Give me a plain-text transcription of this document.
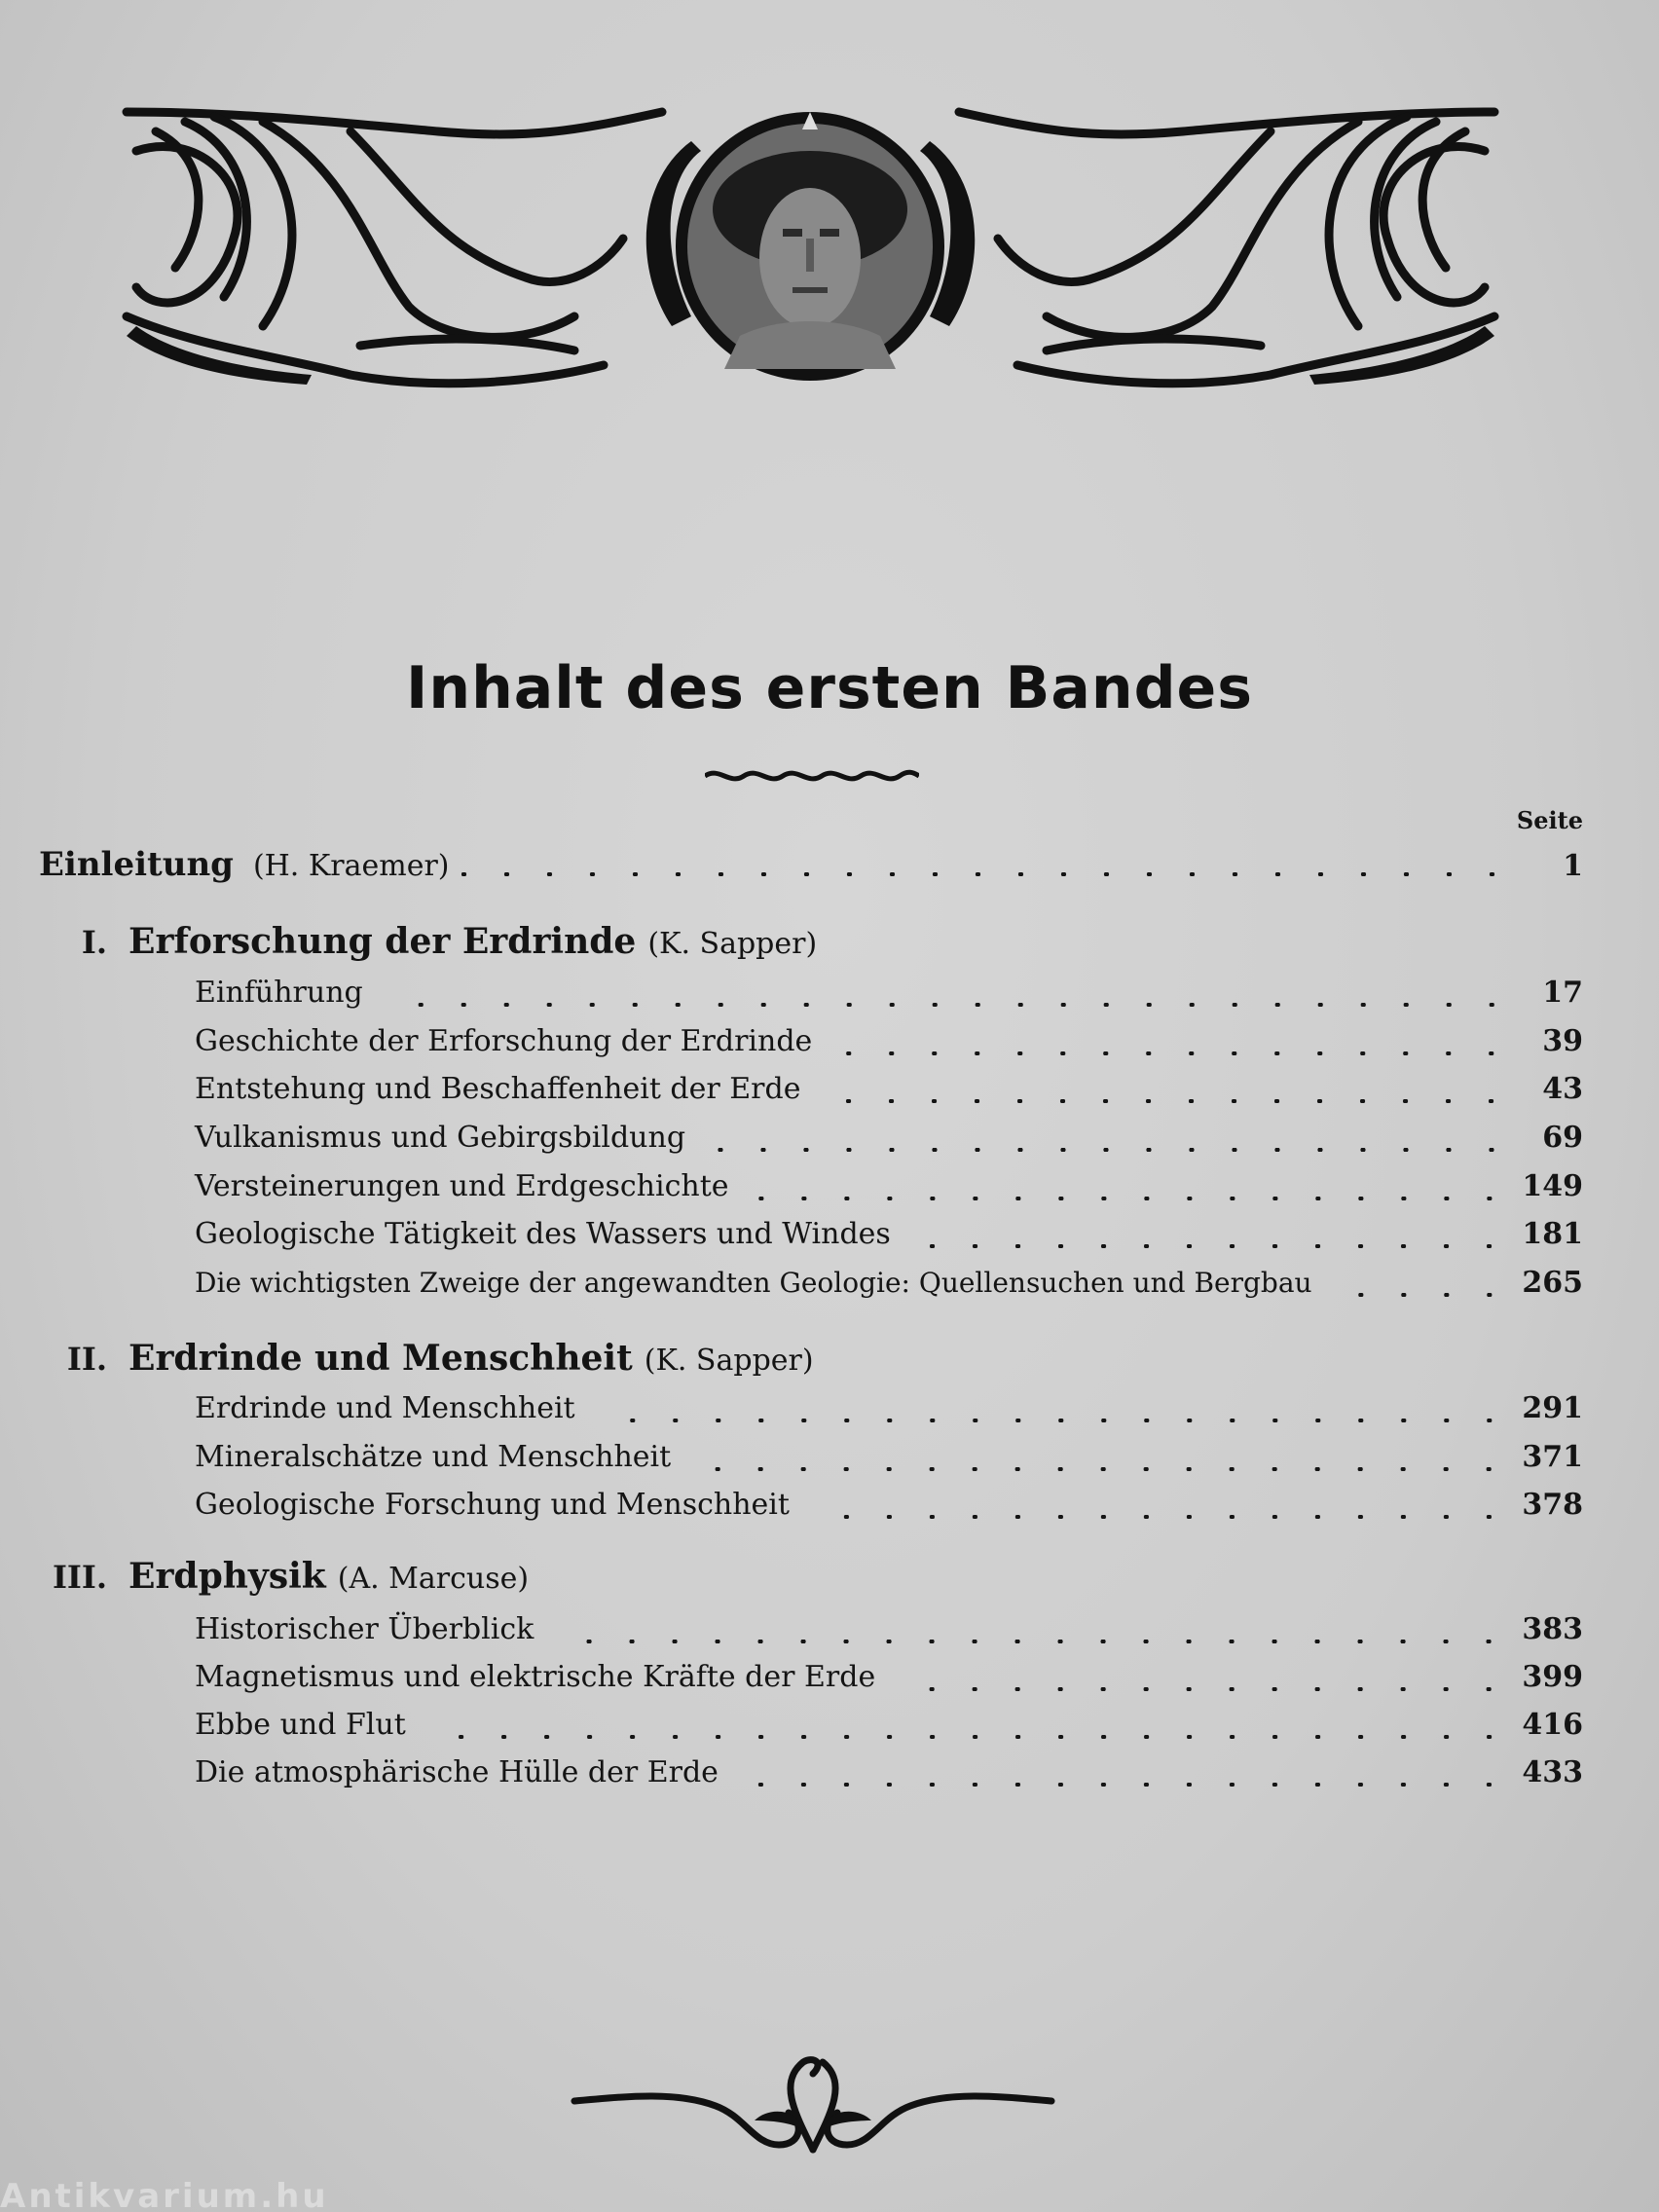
Inhalt des ersten Bandes
Seite
Einleitung (H. Kraemer)	1
I. Erforschung der Erdrinde (K. Sapper)
Einführung	17
Geschichte der Erforschung der Erdrinde	39
Entstehung und Beschaffenheit der Erde	43
Vulkanismus und Gebirgsbildung	69
Versteinerungen und Erdgeschichte	149
Geologische Tätigkeit des Wassers und Windes	181
Die wichtigsten Zweige der angewandten Geologie: Quellensuchen und Bergbau	265
II. Erdrinde und Menschheit (K. Sapper)
Erdrinde und Menschheit	291
Mineralschätze und Menschheit	371
Geologische Forschung und Menschheit	378
III. Erdphysik (A. Marcuse)
Historischer Überblick	383
Magnetismus und elektrische Kräfte der Erde	399
Ebbe und Flut	416
Die atmosphärische Hülle der Erde	433
Antikvarium.hu
